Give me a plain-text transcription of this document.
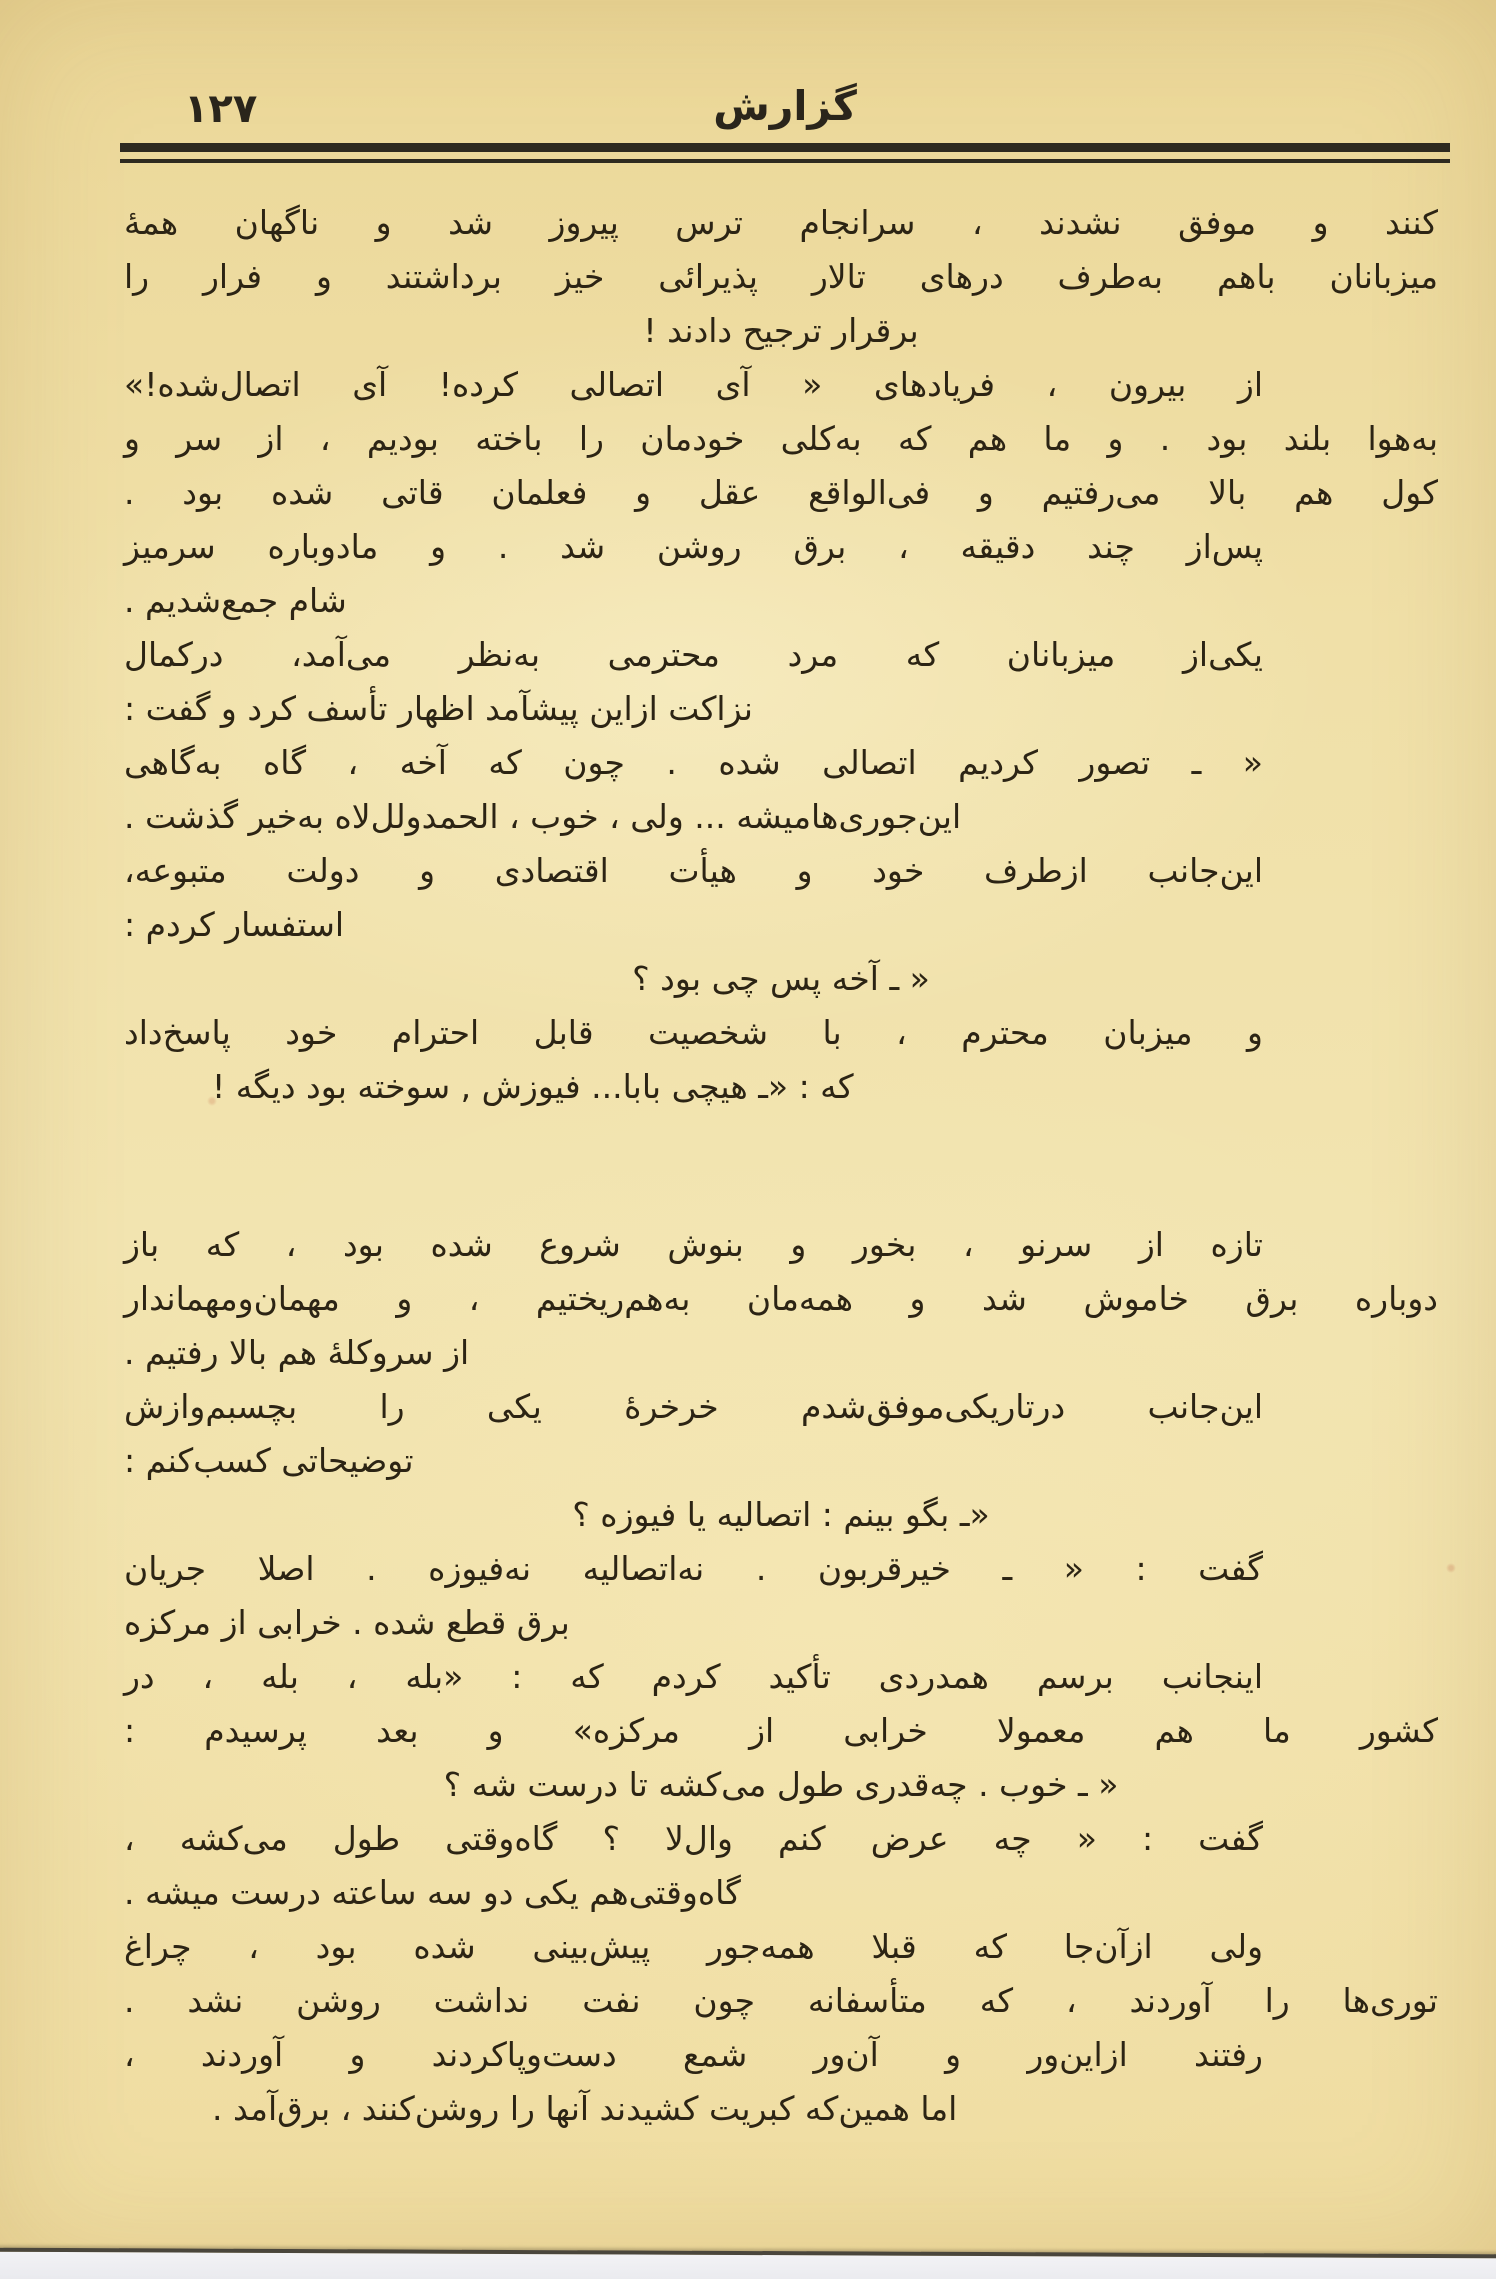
۱۲۷	گزارش
كنند و موفق نشدند ، سرانجام ترس پيروز شد و ناگهان همهٔ
ميزبانان باهم به‌طرف درهای تالار پذيرائی خيز برداشتند و فرار را
برقرار ترجيح دادند !
از بيرون ، فريادهای « آی اتصالی كرده! آی اتصال‌شده!»
به‌هوا بلند بود . و ما هم كه به‌كلی خودمان را باخته بوديم ، از سر و
كول هم بالا می‌رفتيم و فی‌الواقع عقل و فعلمان قاتی شده بود .
پس‌از چند دقيقه ، برق روشن شد . و مادوباره سرميز
شام جمع‌شديم .
يكی‌از ميزبانان كه مرد محترمی به‌نظر می‌آمد، دركمال
نزاكت ازاين پيشآمد اظهار تأسف كرد و گفت :
« ـ تصور كرديم اتصالی شده . چون كه آخه ، گاه به‌گاهی
اين‌جوری‌هاميشه ... ولی ، خوب ، الحمدولل‌لاه به‌خير گذشت .
اين‌جانب ازطرف خود و هيأت اقتصادی و دولت متبوعه،
استفسار كردم :
« ـ آخه پس چی بود ؟
و ميزبان محترم ، با شخصيت قابل احترام خود پاسخ‌داد
كه : «ـ هيچی بابا... فيوزش , سوخته بود ديگه !
تازه از سرنو ، بخور و بنوش شروع شده بود ، كه باز
دوباره برق خاموش شد و همه‌مان به‌هم‌ريختيم ، و مهمان‌ومهماندار
از سروكلهٔ هم بالا رفتيم .
اين‌جانب درتاريكی‌موفق‌شدم خرخرهٔ يكی را بچسبم‌وازش
توضيحاتی كسب‌كنم :
«ـ بگو بينم : اتصاليه يا فيوزه ؟
گفت : « ـ خيرقربون . نه‌اتصاليه نه‌فيوزه . اصلا جريان
برق قطع شده . خرابی از مركزه
اينجانب برسم همدردی تأكيد كردم كه : «بله ، بله ، در
كشور ما هم معمولا خرابی از مركزه» و بعد پرسيدم :
« ـ خوب . چه‌قدری طول می‌كشه تا درست شه ؟
گفت : « چه عرض كنم وال‌لا ؟ گاه‌وقتی طول می‌كشه ،
گاه‌وقتی‌هم يكی دو سه ساعته درست ميشه .
ولی ازآن‌جا كه قبلا همه‌جور پيش‌بينی شده بود ، چراغ
توری‌ها را آوردند ، كه متأسفانه چون نفت نداشت روشن نشد .
رفتند ازاين‌ور و آن‌ور شمع دست‌وپاكردند و آوردند ،
اما همين‌كه كبريت كشيدند آنها را روشن‌كنند ، برق‌آمد .
